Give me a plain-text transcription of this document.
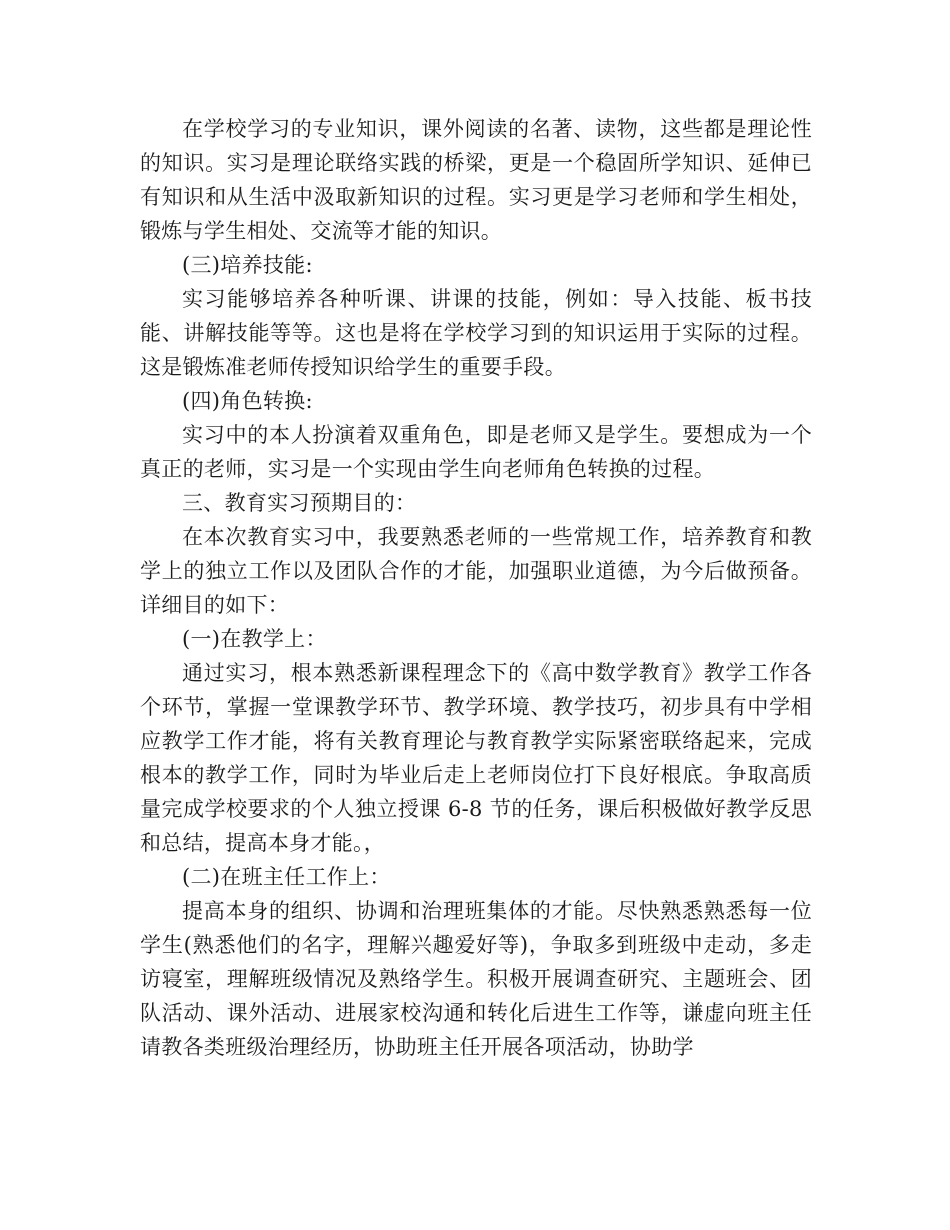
在学校学习的专业知识，课外阅读的名著、读物，这些都是理论性的知识。实习是理论联络实践的桥梁，更是一个稳固所学知识、延伸已有知识和从生活中汲取新知识的过程。实习更是学习老师和学生相处，锻炼与学生相处、交流等才能的知识。

(三)培养技能:

实习能够培养各种听课、讲课的技能，例如：导入技能、板书技能、讲解技能等等。这也是将在学校学习到的知识运用于实际的过程。这是锻炼准老师传授知识给学生的重要手段。

(四)角色转换:

实习中的本人扮演着双重角色，即是老师又是学生。要想成为一个真正的老师，实习是一个实现由学生向老师角色转换的过程。

三、教育实习预期目的：

在本次教育实习中，我要熟悉老师的一些常规工作，培养教育和教学上的独立工作以及团队合作的才能，加强职业道德，为今后做预备。详细目的如下：

(一)在教学上：

通过实习，根本熟悉新课程理念下的《高中数学教育》教学工作各个环节，掌握一堂课教学环节、教学环境、教学技巧，初步具有中学相应教学工作才能，将有关教育理论与教育教学实际紧密联络起来，完成根本的教学工作，同时为毕业后走上老师岗位打下良好根底。争取高质量完成学校要求的个人独立授课 6-8 节的任务，课后积极做好教学反思和总结，提高本身才能。，

(二)在班主任工作上：

提高本身的组织、协调和治理班集体的才能。尽快熟悉熟悉每一位学生(熟悉他们的名字，理解兴趣爱好等)，争取多到班级中走动，多走访寝室，理解班级情况及熟络学生。积极开展调查研究、主题班会、团队活动、课外活动、进展家校沟通和转化后进生工作等，谦虚向班主任请教各类班级治理经历，协助班主任开展各项活动，协助学
